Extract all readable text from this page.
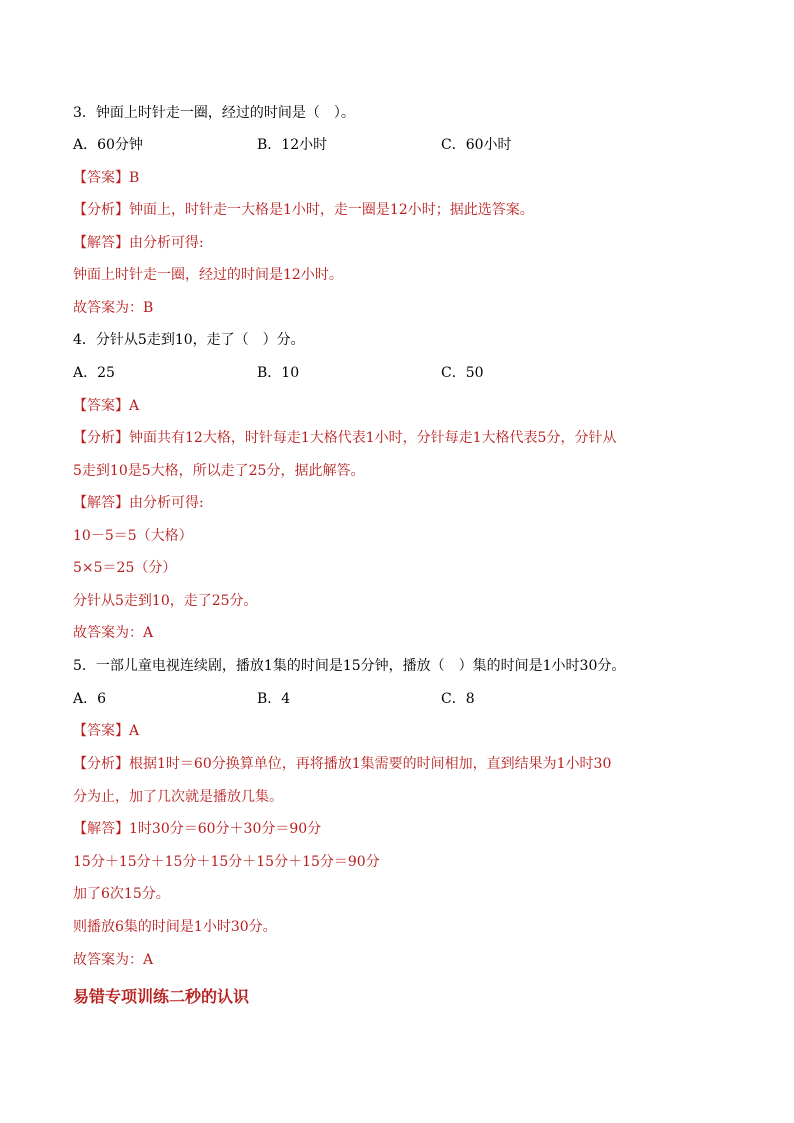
3．钟面上时针走一圈，经过的时间是（　）。
A．60分钟	B．12小时	C．60小时
【答案】B
【分析】钟面上，时针走一大格是1小时，走一圈是12小时；据此选答案。
【解答】由分析可得:
钟面上时针走一圈，经过的时间是12小时。
故答案为：B
4．分针从5走到10，走了（　）分。
A．25	B．10	C．50
【答案】A
【分析】钟面共有12大格，时针每走1大格代表1小时，分针每走1大格代表5分，分针从
5走到10是5大格，所以走了25分，据此解答。
【解答】由分析可得:
10－5＝5（大格）
5×5＝25（分）
分针从5走到10，走了25分。
故答案为：A
5．一部儿童电视连续剧，播放1集的时间是15分钟，播放（　）集的时间是1小时30分。
A．6	B．4	C．8
【答案】A
【分析】根据1时＝60分换算单位，再将播放1集需要的时间相加，直到结果为1小时30
分为止，加了几次就是播放几集。
【解答】1时30分＝60分＋30分＝90分
15分＋15分＋15分＋15分＋15分＋15分＝90分
加了6次15分。
则播放6集的时间是1小时30分。
故答案为：A
易错专项训练二秒的认识
